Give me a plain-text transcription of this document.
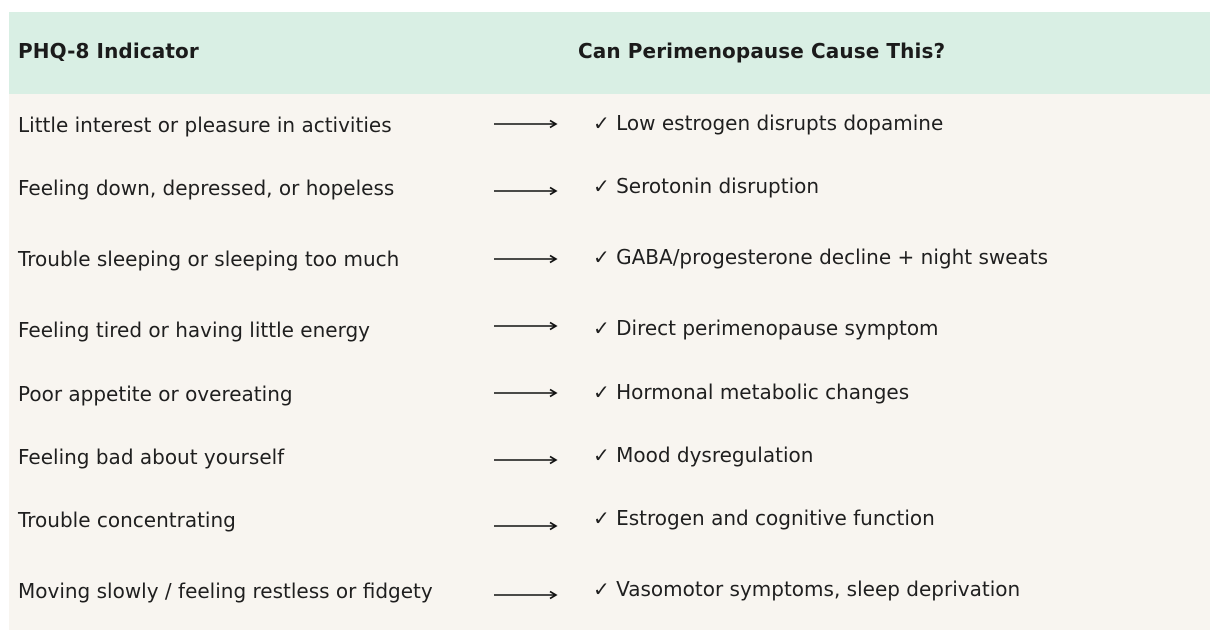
PHQ-8 Indicator	Can Perimenopause Cause This?
Little interest or pleasure in activities	✓ Low estrogen disrupts dopamine
Feeling down, depressed, or hopeless	✓ Serotonin disruption
Trouble sleeping or sleeping too much	✓ GABA/progesterone decline + night sweats
Feeling tired or having little energy	✓ Direct perimenopause symptom
Poor appetite or overeating	✓ Hormonal metabolic changes
Feeling bad about yourself	✓ Mood dysregulation
Trouble concentrating	✓ Estrogen and cognitive function
Moving slowly / feeling restless or fidgety	✓ Vasomotor symptoms, sleep deprivation
